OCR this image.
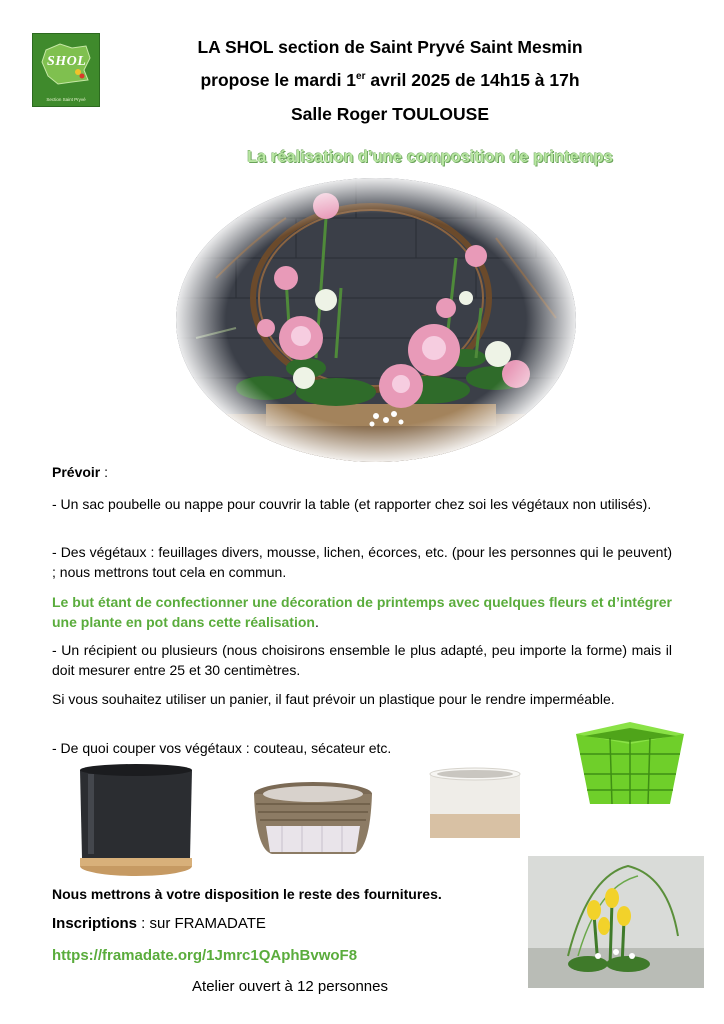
SHOL
Section Saint Pryvé
LA SHOL section de Saint Pryvé Saint Mesmin
propose le mardi 1er avril 2025 de 14h15 à 17h
Salle Roger TOULOUSE
La réalisation d’une composition de printemps
Prévoir :
- Un sac poubelle ou nappe pour couvrir la table (et rapporter chez soi les végétaux non utilisés).
- Des végétaux : feuillages divers, mousse, lichen, écorces, etc. (pour les personnes qui le peuvent) ; nous mettrons tout cela en commun.
Le but étant de confectionner une décoration de printemps avec quelques fleurs et d’intégrer une plante en pot dans cette réalisation.
- Un récipient ou plusieurs (nous choisirons ensemble le plus adapté, peu importe la forme) mais il doit mesurer entre 25 et 30 centimètres.
Si vous souhaitez utiliser un panier, il faut prévoir un plastique pour le rendre imperméable.
- De quoi couper vos végétaux : couteau, sécateur etc.
Nous mettrons à votre disposition le reste des fournitures.
Inscriptions : sur FRAMADATE
https://framadate.org/1Jmrc1QAphBvwoF8
Atelier ouvert à 12 personnes
